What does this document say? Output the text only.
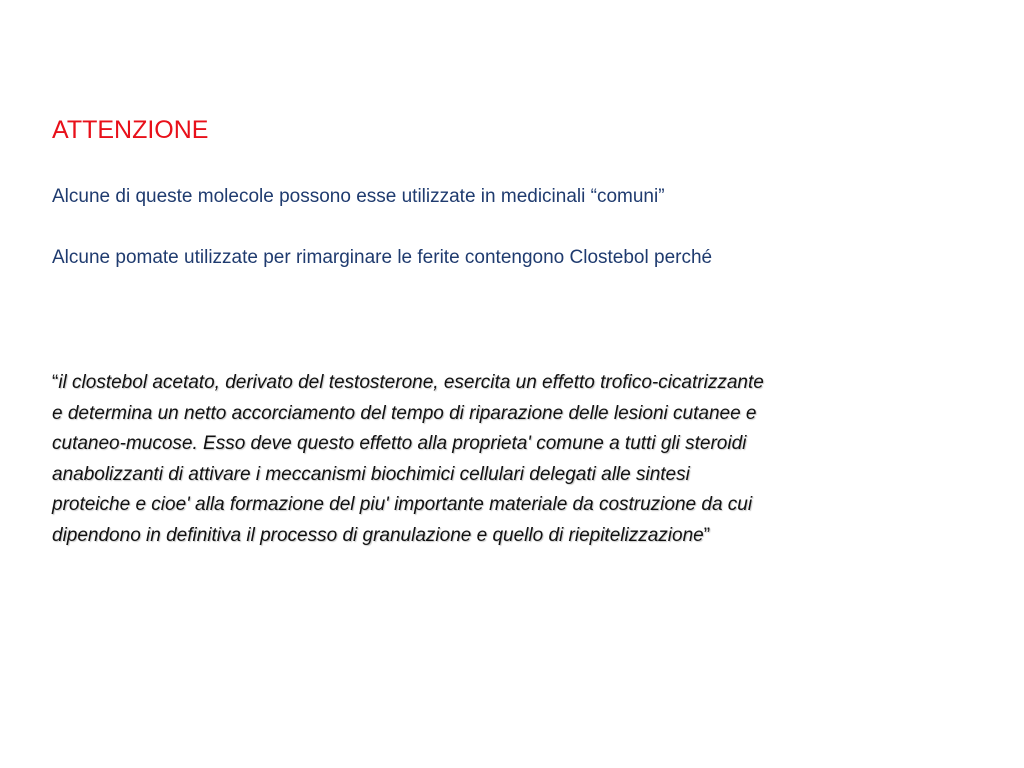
ATTENZIONE
Alcune di queste molecole possono esse utilizzate in medicinali “comuni”
Alcune pomate utilizzate per rimarginare le ferite contengono Clostebol perché
“il clostebol acetato, derivato del testosterone, esercita un effetto trofico-cicatrizzante
e determina un netto accorciamento del tempo di riparazione delle lesioni cutanee e
cutaneo-mucose. Esso deve questo effetto alla proprieta' comune a tutti gli steroidi
anabolizzanti di attivare i meccanismi biochimici cellulari delegati alle sintesi
proteiche e cioe' alla formazione del piu' importante materiale da costruzione da cui
dipendono in definitiva il processo di granulazione e quello di riepitelizzazione”
